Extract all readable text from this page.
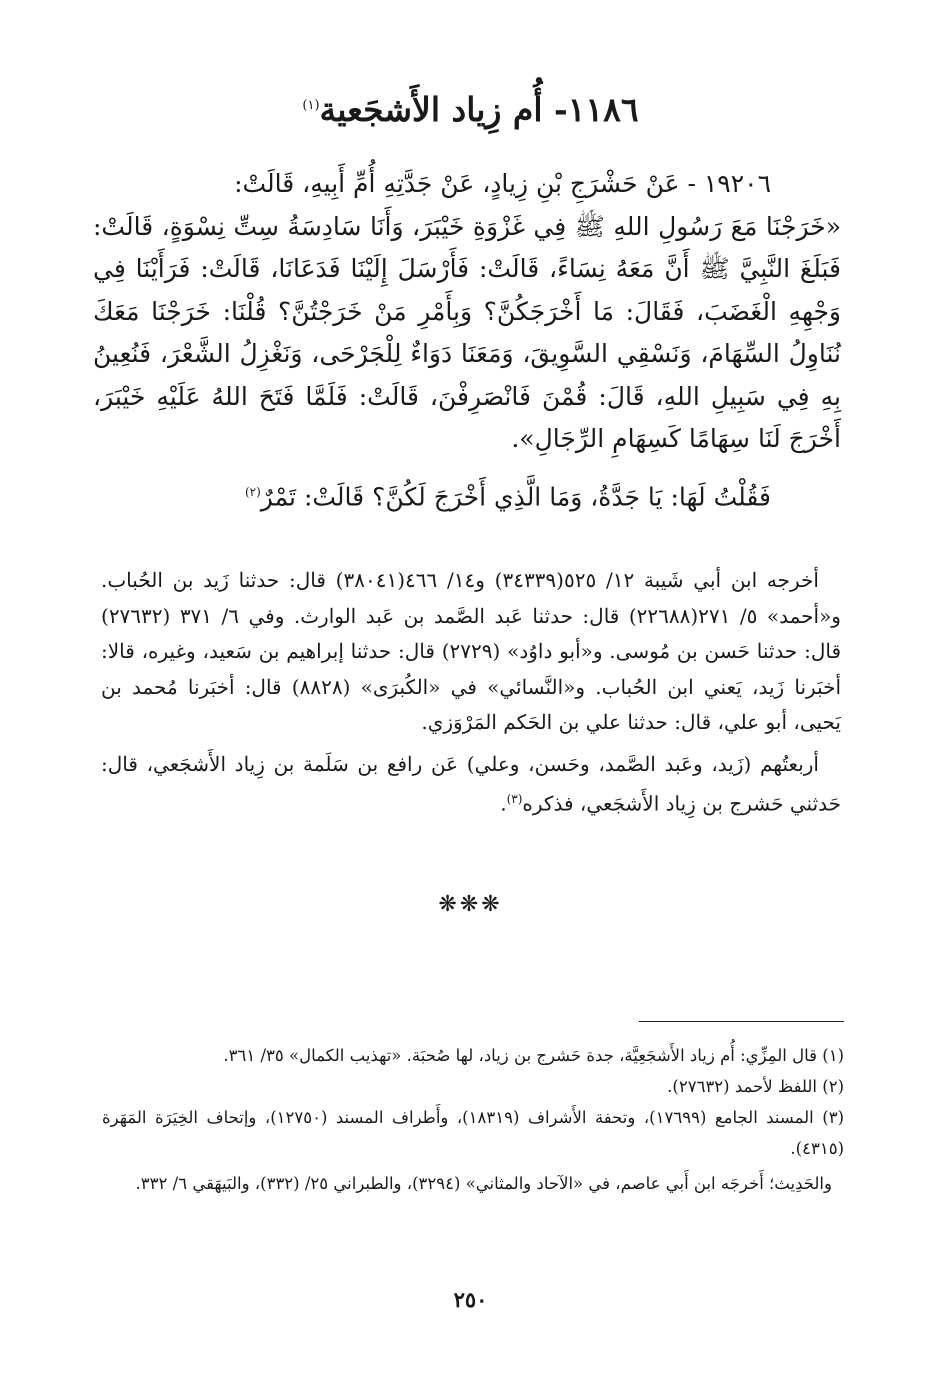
١١٨٦- أُم زِياد الأَشجَعية$^{(١)}$

١٩٢٠٦ - عَنْ حَشْرَجِ بْنِ زِيادٍ، عَنْ جَدَّتِهِ أُمِّ أَبِيهِ، قَالَتْ:

«خَرَجْنَا مَعَ رَسُولِ اللهِ ﷺ فِي غَزْوَةِ خَيْبَرَ، وَأَنَا سَادِسَةُ سِتِّ نِسْوَةٍ، قَالَتْ: فَبَلَغَ النَّبِيَّ ﷺ أَنَّ مَعَهُ نِسَاءً، قَالَتْ: فَأَرْسَلَ إِلَيْنَا فَدَعَانَا، قَالَتْ: فَرَأَيْنَا فِي وَجْهِهِ الْغَضَبَ، فَقَالَ: مَا أَخْرَجَكُنَّ؟ وَبِأَمْرِ مَنْ خَرَجْتُنَّ؟ قُلْنَا: خَرَجْنَا مَعَكَ نُنَاوِلُ السِّهَامَ، وَنَسْقِي السَّوِيقَ، وَمَعَنَا دَوَاءٌ لِلْجَرْحَى، وَنَغْزِلُ الشَّعْرَ، فَنُعِينُ بِهِ فِي سَبِيلِ اللهِ، قَالَ: قُمْنَ فَانْصَرِفْنَ، قَالَتْ: فَلَمَّا فَتَحَ اللهُ عَلَيْهِ خَيْبَرَ، أَخْرَجَ لَنَا سِهَامًا كَسِهَامِ الرِّجَالِ».

فَقُلْتُ لَهَا: يَا جَدَّةُ، وَمَا الَّذِي أَخْرَجَ لَكُنَّ؟ قَالَتْ: تَمْرٌ$^{(٢)}$

أخرجه ابن أبي شَيبة ١٢/ ٥٢٥(٣٤٣٣٩) و١٤/ ٤٦٦(٣٨٠٤١) قال: حدثنا زَيد بن الحُباب. و«أحمد» ٥/ ٢٧١(٢٢٦٨٨) قال: حدثنا عَبد الصَّمد بن عَبد الوارث. وفي ٦/ ٣٧١ (٢٧٦٣٢) قال: حدثنا حَسن بن مُوسى. و«أبو داوُد» (٢٧٢٩) قال: حدثنا إبراهيم بن سَعيد، وغيره، قالا: أخبَرنا زَيد، يَعني ابن الحُباب. و«النَّسائي» في «الكُبرَى» (٨٨٢٨) قال: أخبَرنا مُحمد بن يَحيى، أبو علي، قال: حدثنا علي بن الحَكم المَرْوَزي.

أربعتُهم (زَيد، وعَبد الصَّمد، وحَسن، وعلي) عَن رافع بن سَلَمة بن زِياد الأَشجَعي، قال: حَدثني حَشرج بن زِياد الأَشجَعي، فذكره$^{(٣)}$.

❋❋❋

(١) قال المِزِّي: أُم زياد الأَشجَعِيَّة، جدة حَشرج بن زياد، لها صُحبَة. «تهذيب الكمال» ٣٥/ ٣٦١.

(٢) اللفظ لأحمد (٢٧٦٣٢).

(٣) المسند الجامع (١٧٦٩٩)، وتحفة الأَشراف (١٨٣١٩)، وأَطراف المسند (١٢٧٥٠)، وإتحاف الخِيَرَة المَهَرة (٤٣١٥).

والحَدِيث؛ أَخرجَه ابن أَبي عاصم، في «الآحاد والمثاني» (٣٢٩٤)، والطبراني ٢٥/ (٣٣٢)، والبَيهَقي ٦/ ٣٣٢.

٢٥٠
